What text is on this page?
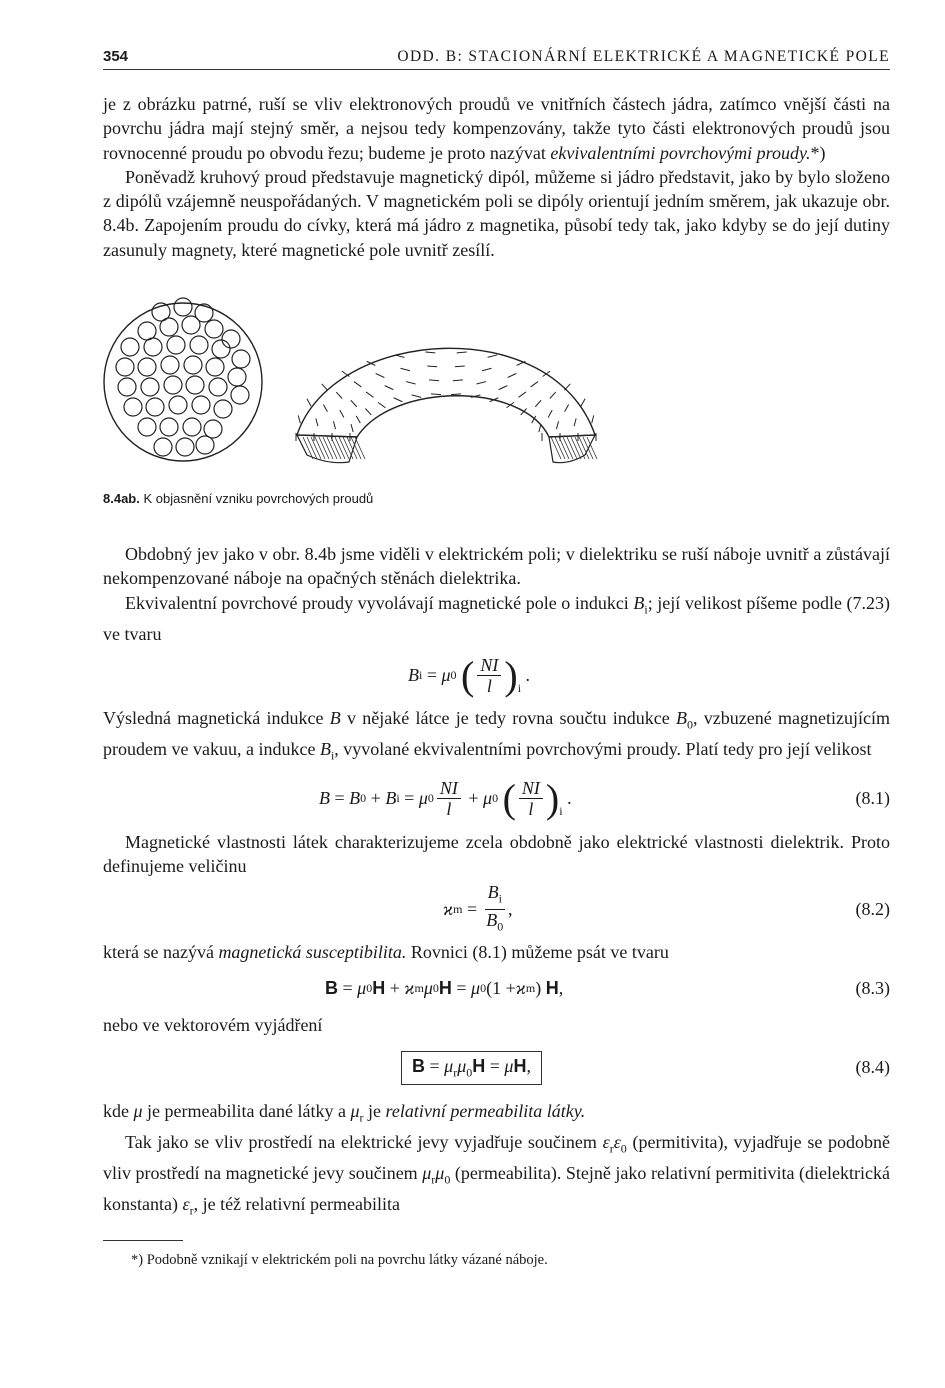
354	ODD. B: STACIONÁRNÍ ELEKTRICKÉ A MAGNETICKÉ POLE

je z obrázku patrné, ruší se vliv elektronových proudů ve vnitřních částech jádra, zatímco vnější části na povrchu jádra mají stejný směr, a nejsou tedy kompenzovány, takže tyto části elektronových proudů jsou rovnocenné proudu po obvodu řezu; budeme je proto nazývat ekvivalentními povrchovými proudy.*)

Poněvadž kruhový proud představuje magnetický dipól, můžeme si jádro představit, jako by bylo složeno z dipólů vzájemně neuspořádaných. V magnetickém poli se dipóly orientují jedním směrem, jak ukazuje obr. 8.4b. Zapojením proudu do cívky, která má jádro z magnetika, působí tedy tak, jako kdyby se do její dutiny zasunuly magnety, které magnetické pole uvnitř zesílí.

8.4ab. K objasnění vzniku povrchových proudů

Obdobný jev jako v obr. 8.4b jsme viděli v elektrickém poli; v dielektriku se ruší náboje uvnitř a zůstávají nekompenzované náboje na opačných stěnách dielektrika.

Ekvivalentní povrchové proudy vyvolávají magnetické pole o indukci $B_i$; její velikost píšeme podle (7.23) ve tvaru

B i
= μ 0
( $\frac{NI}{l} )_i$
.

Výsledná magnetická indukce B v nějaké látce je tedy rovna součtu indukce $B_0$, vzbuzené magnetizujícím proudem ve vakuu, a indukce $B_i$, vyvolané ekvivalentními povrchovými proudy. Platí tedy pro její velikost

B = B 0
+ B i
= μ $0 \frac{NI}{l}$
+ μ 0
( $\frac{NI}{l} )_i$
.	(8.1)

Magnetické vlastnosti látek charakterizujeme zcela obdobně jako elektrické vlastnosti dielektrik. Proto definujeme veličinu

ϰ m
=
$\frac{B_i}{B_0}$ ,	(8.2)

která se nazývá magnetická susceptibilita. Rovnici (8.1) můžeme psát ve tvaru

B
= μ 0 H
+ ϰ m μ 0 H
= μ 0 (1 + ϰ m )
H ,	(8.3)

nebo ve vektorovém vyjádření

$B = \mu_r\mu_0H = \mu H$,	(8.4)

kde μ je permeabilita dané látky a $\mu_r$ je relativní permeabilita látky.

Tak jako se vliv prostředí na elektrické jevy vyjadřuje součinem $\varepsilon_r\varepsilon_0$ (permitivita), vyjadřuje se podobně vliv prostředí na magnetické jevy součinem $\mu_r\mu_0$ (permeabilita). Stejně jako relativní permitivita (dielektrická konstanta) $\varepsilon_r$, je též relativní permeabilita

*) Podobně vznikají v elektrickém poli na povrchu látky vázané náboje.
